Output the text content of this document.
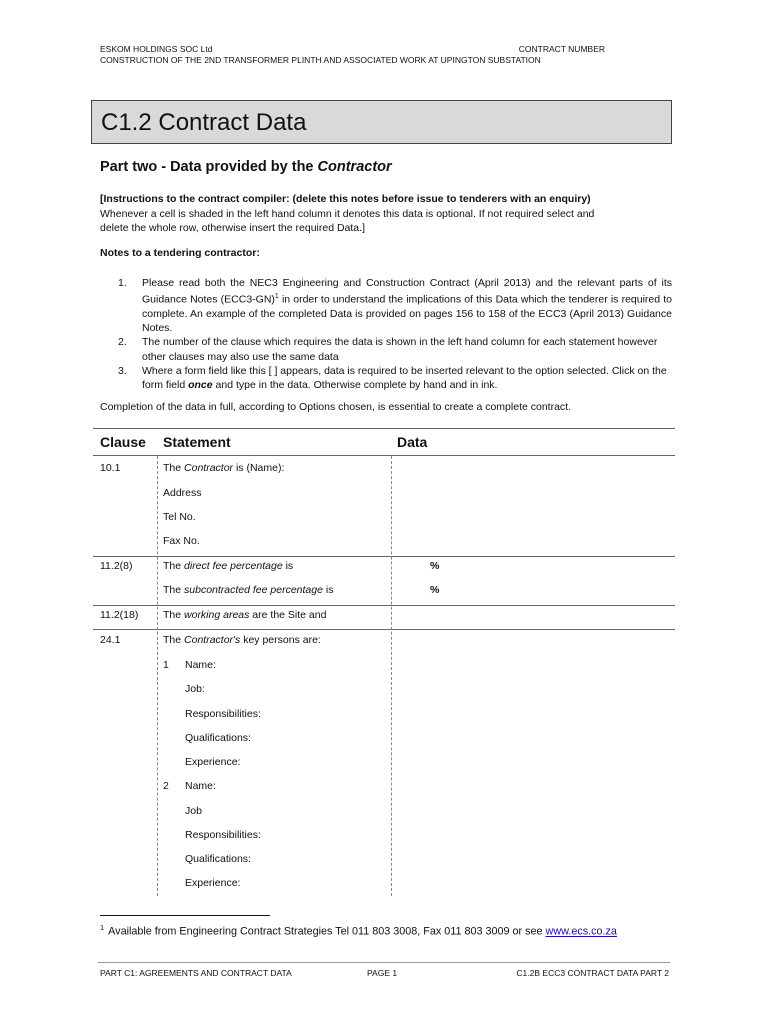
ESKOM HOLDINGS SOC Ltd	CONTRACT NUMBER
CONSTRUCTION OF THE 2ND TRANSFORMER PLINTH AND ASSOCIATED WORK AT UPINGTON SUBSTATION
C1.2 Contract Data
Part two - Data provided by the Contractor
[Instructions to the contract compiler: (delete this notes before issue to tenderers with an enquiry)
Whenever a cell is shaded in the left hand column it denotes this data is optional. If not required select and
delete the whole row, otherwise insert the required Data.]
Notes to a tendering contractor:
1.	Please read both the NEC3 Engineering and Construction Contract (April 2013) and the relevant parts of its Guidance Notes $(ECC3-GN)^1$ in order to understand the implications of this Data which the tenderer is required to complete. An example of the completed Data is provided on pages 156 to 158 of the ECC3 (April 2013) Guidance Notes.
2.	The number of the clause which requires the data is shown in the left hand column for each statement however other clauses may also use the same data
3.	Where a form field like this [ ] appears, data is required to be inserted relevant to the option selected. Click on the form field once and type in the data. Otherwise complete by hand and in ink.
Completion of the data in full, according to Options chosen, is essential to create a complete contract.
Clause Statement	Data
10.1	The Contractor is (Name):
Address
Tel No.
Fax No.
11.2(8)	The direct fee percentage is	%
The subcontracted fee percentage is	%
11.2(18) The working areas are the Site and
24.1	The Contractor's key persons are:
1 Name:
Job:
Responsibilities:
Qualifications:
Experience:
2 Name:
Job
Responsibilities:
Qualifications:
Experience:
$^1$ Available from Engineering Contract Strategies Tel 011 803 3008, Fax 011 803 3009 or see www.ecs.co.za
PART C1: AGREEMENTS AND CONTRACT DATA	PAGE 1	C1.2B ECC3 CONTRACT DATA PART 2
